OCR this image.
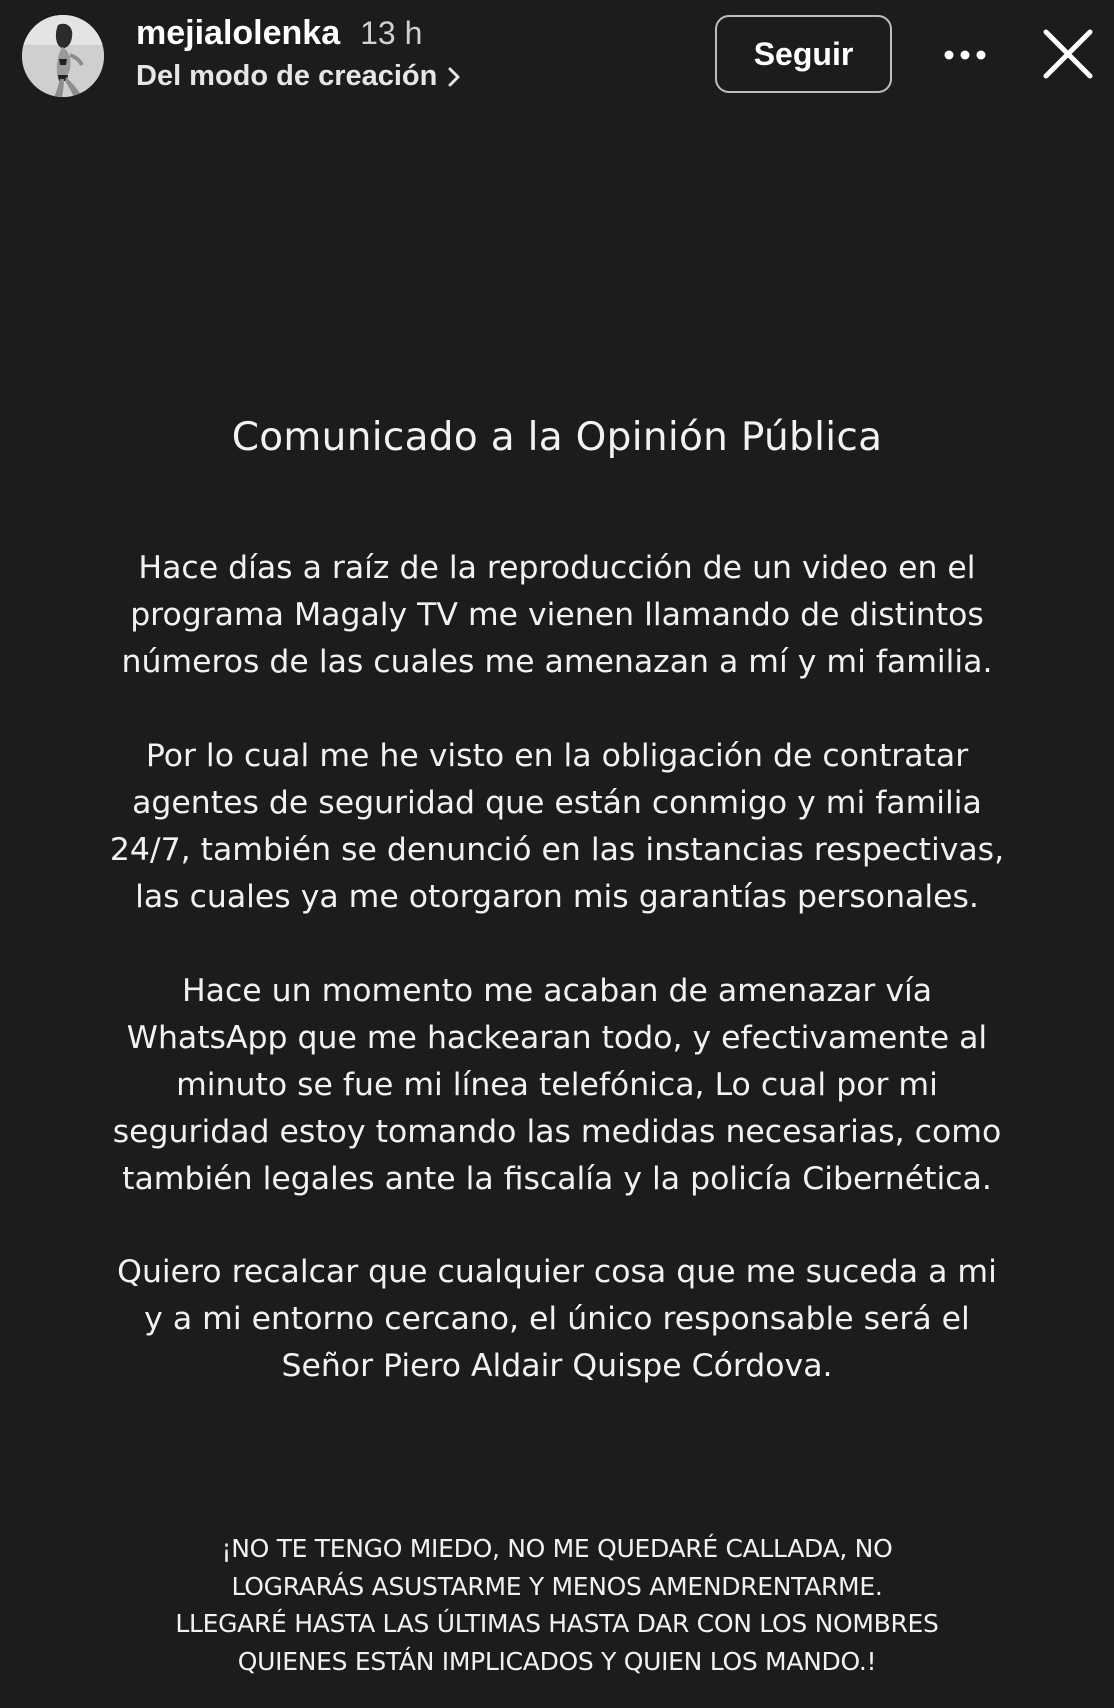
mejialolenka 13 h
Del modo de creación
Seguir
Comunicado a la Opinión Pública

Hace días a raíz de la reproducción de un video en el
programa Magaly TV me vienen llamando de distintos
números de las cuales me amenazan a mí y mi familia.

Por lo cual me he visto en la obligación de contratar
agentes de seguridad que están conmigo y mi familia
24/7, también se denunció en las instancias respectivas,
las cuales ya me otorgaron mis garantías personales.

Hace un momento me acaban de amenazar vía
WhatsApp que me hackearan todo, y efectivamente al
minuto se fue mi línea telefónica, Lo cual por mi
seguridad estoy tomando las medidas necesarias, como
también legales ante la fiscalía y la policía Cibernética.

Quiero recalcar que cualquier cosa que me suceda a mi
y a mi entorno cercano, el único responsable será el
Señor Piero Aldair Quispe Córdova.

¡NO TE TENGO MIEDO, NO ME QUEDARÉ CALLADA, NO
LOGRARÁS ASUSTARME Y MENOS AMENDRENTARME.
LLEGARÉ HASTA LAS ÚLTIMAS HASTA DAR CON LOS NOMBRES
QUIENES ESTÁN IMPLICADOS Y QUIEN LOS MANDO.!
